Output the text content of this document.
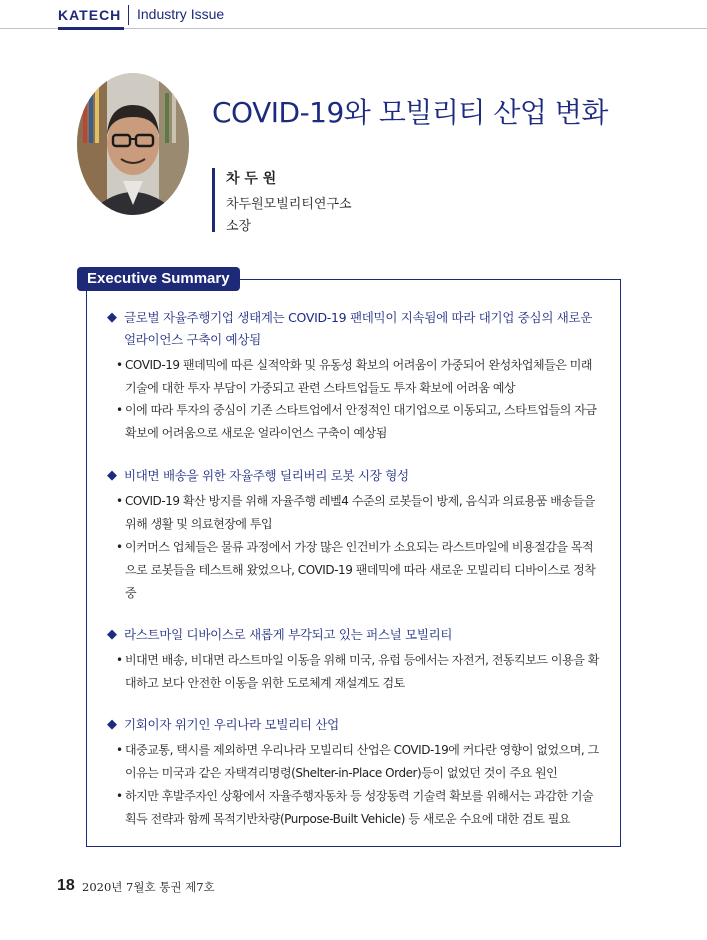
KATECH Industry Issue
COVID-19와 모빌리티 산업 변화
차 두 원
차두원모빌리티연구소
소장
Executive Summary
◆ 글로벌 자율주행기업 생태계는 COVID-19 팬데믹이 지속됨에 따라 대기업 중심의 새로운 얼라이언스 구축이 예상됨
• COVID-19 팬데믹에 따른 실적악화 및 유동성 확보의 어려움이 가중되어 완성차업체들은 미래 기술에 대한 투자 부담이 가중되고 관련 스타트업들도 투자 확보에 어려움 예상
• 이에 따라 투자의 중심이 기존 스타트업에서 안정적인 대기업으로 이동되고, 스타트업들의 자금 확보에 어려움으로 새로운 얼라이언스 구축이 예상됨
◆ 비대면 배송을 위한 자율주행 딜리버리 로봇 시장 형성
• COVID-19 확산 방지를 위해 자율주행 레벨4 수준의 로봇들이 방제, 음식과 의료용품 배송들을 위해 생활 및 의료현장에 투입
• 이커머스 업체들은 물류 과정에서 가장 많은 인건비가 소요되는 라스트마일에 비용절감을 목적으로 로봇들을 테스트해 왔었으나, COVID-19 팬데믹에 따라 새로운 모빌리티 디바이스로 정착 중
◆ 라스트마일 디바이스로 새롭게 부각되고 있는 퍼스널 모빌리티
• 비대면 배송, 비대면 라스트마일 이동을 위해 미국, 유럽 등에서는 자전거, 전동킥보드 이용을 확대하고 보다 안전한 이동을 위한 도로체계 재설계도 검토
◆ 기회이자 위기인 우리나라 모빌리티 산업
• 대중교통, 택시를 제외하면 우리나라 모빌리티 산업은 COVID-19에 커다란 영향이 없었으며, 그 이유는 미국과 같은 자택격리명령(Shelter-in-Place Order)등이 없었던 것이 주요 원인
• 하지만 후발주자인 상황에서 자율주행자동차 등 성장동력 기술력 확보를 위해서는 과감한 기술획득 전략과 함께 목적기반차량(Purpose-Built Vehicle) 등 새로운 수요에 대한 검토 필요
18 2020년 7월호 통권 제7호
